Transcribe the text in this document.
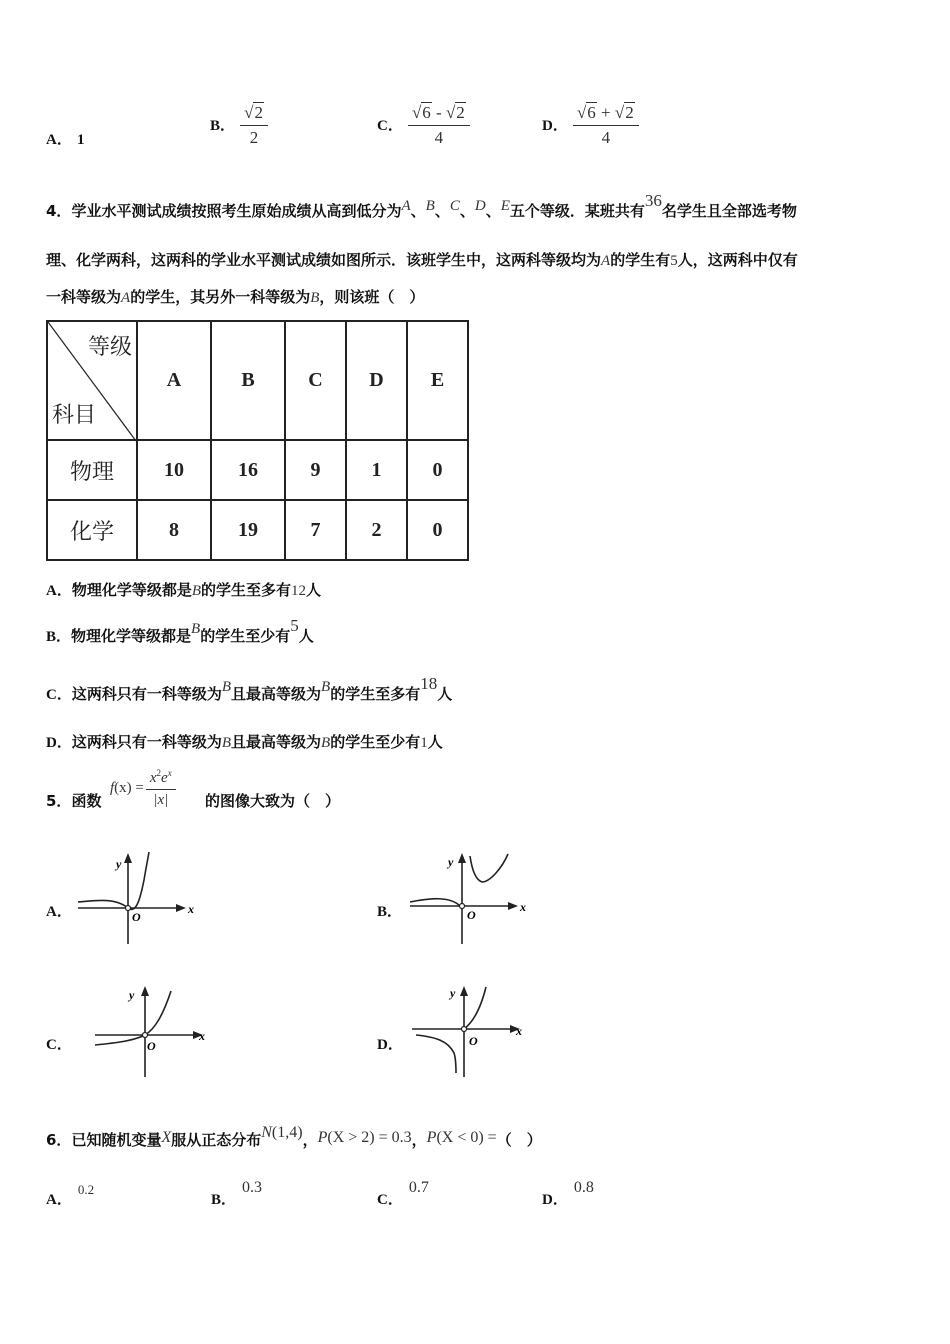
A． 1
B． $\frac{√2}{2}$	C． $\frac{√6 - √2}{4}$	D． $\frac{√6 + √2}{4}$
4．学业水平测试成绩按照考生原始成绩从高到低分为A、B、C、D、E五个等级．某班共有36名学生且全部选考物
理、化学两科，这两科的学业水平测试成绩如图所示．该班学生中，这两科等级均为A的学生有5人，这两科中仅有
一科等级为A的学生，其另外一科等级为B，则该班（　）
等级
科目	A	B	C	D	E
物理	10	16	9	1	0
化学	8	19	7	2	0
A．物理化学等级都是B的学生至多有12人
B．物理化学等级都是B的学生至少有5人
C．这两科只有一科等级为B且最高等级为B的学生至多有18人
D．这两科只有一科等级为B且最高等级为B的学生至少有1人
5．函数
f $(x) = \frac{x^2e^x}{|x|}$ 的图像大致为（　）
A．	x
y
O	B．	x
y
O
C．
x
y
O	D．
x
y
O
6．已知随机变量X服从正态分布N(1,4)，P(X > 2) = 0.3，P(X < 0) =（　）
A．0.2
B．0.3
C．0.7
D．0.8
